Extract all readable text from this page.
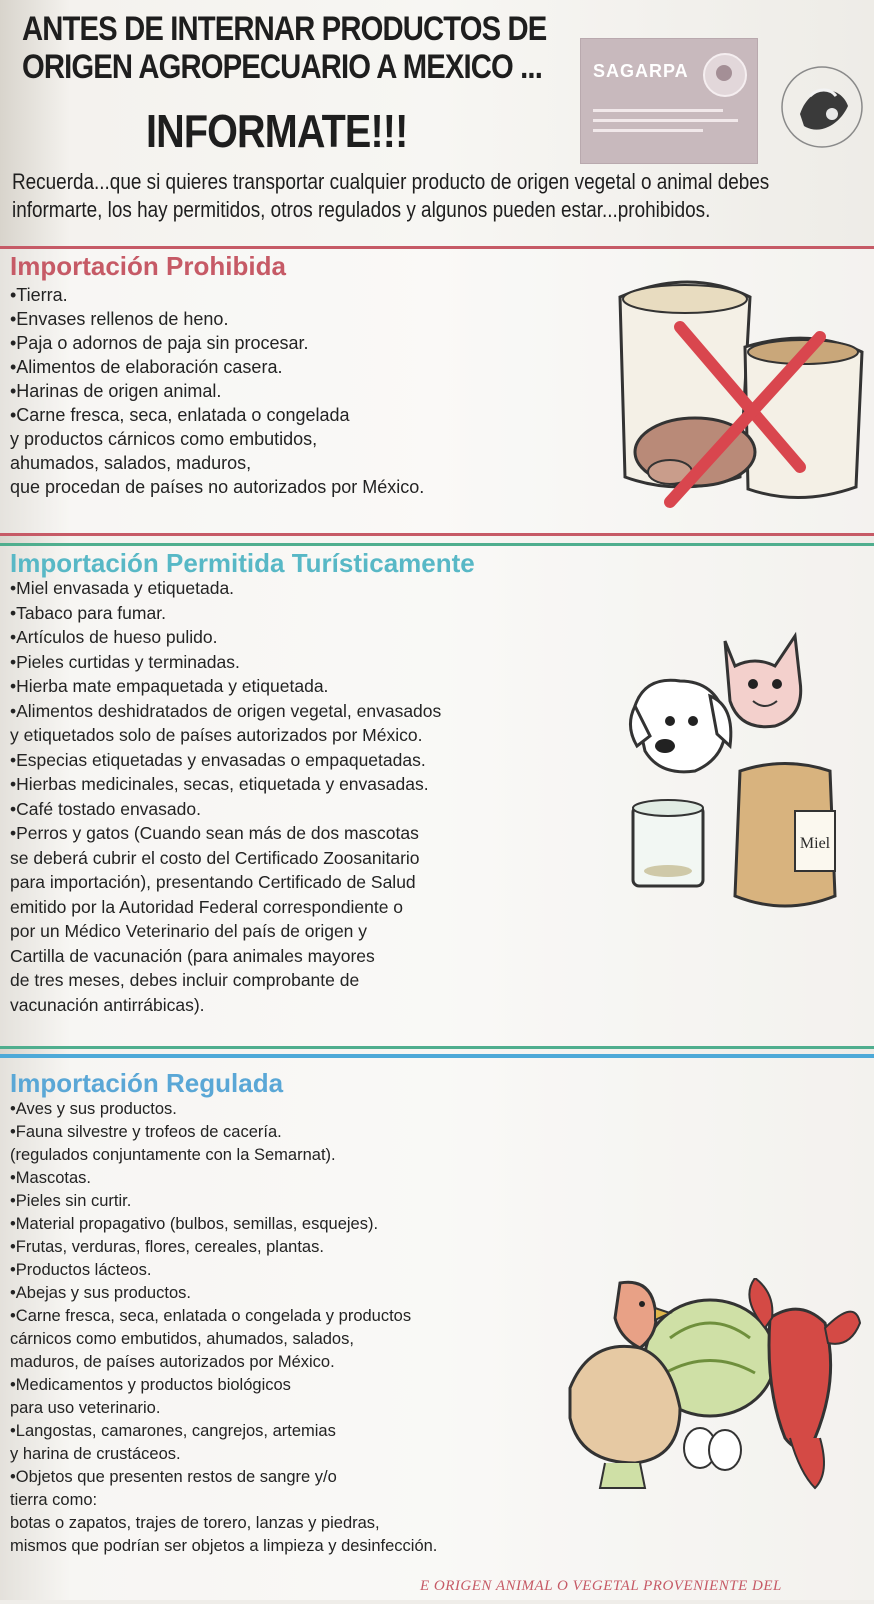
ANTES DE INTERNAR PRODUCTOS DE
ORIGEN AGROPECUARIO A MEXICO ...
INFORMATE!!!
SAGARPA
Recuerda...que si quieres transportar cualquier producto de origen vegetal o animal debes
informarte, los hay permitidos, otros regulados y algunos pueden estar...prohibidos.
Importación Prohibida
•Tierra.
•Envases rellenos de heno.
•Paja o adornos de paja sin procesar.
•Alimentos de elaboración casera.
•Harinas de origen animal.
•Carne fresca, seca, enlatada o congelada
y productos cárnicos como embutidos,
ahumados, salados, maduros,
que procedan de países no autorizados por México.
Importación Permitida Turísticamente
•Miel envasada y etiquetada.
•Tabaco para fumar.
•Artículos de hueso pulido.
•Pieles curtidas y terminadas.
•Hierba mate empaquetada y etiquetada.
•Alimentos deshidratados de origen vegetal, envasados
y etiquetados solo de países autorizados por México.
•Especias etiquetadas y envasadas o empaquetadas.
•Hierbas medicinales, secas, etiquetada y envasadas.
•Café tostado envasado.
•Perros y gatos (Cuando sean más de dos mascotas
se deberá cubrir el costo del Certificado Zoosanitario
para importación), presentando Certificado de Salud
emitido por la Autoridad Federal correspondiente o
por un Médico Veterinario del país de origen y
Cartilla de vacunación (para animales mayores
de tres meses, debes incluir comprobante de
vacunación antirrábicas).
Miel
Importación Regulada
•Aves y sus productos.
•Fauna silvestre y trofeos de cacería.
(regulados conjuntamente con la Semarnat).
•Mascotas.
•Pieles sin curtir.
•Material propagativo (bulbos, semillas, esquejes).
•Frutas, verduras, flores, cereales, plantas.
•Productos lácteos.
•Abejas y sus productos.
•Carne fresca, seca, enlatada o congelada y productos
cárnicos como embutidos, ahumados, salados,
maduros, de países autorizados por México.
•Medicamentos y productos biológicos
para uso veterinario.
•Langostas, camarones, cangrejos, artemias
y harina de crustáceos.
•Objetos que presenten restos de sangre y/o
tierra como:
botas o zapatos, trajes de torero, lanzas y piedras,
mismos que podrían ser objetos a limpieza y desinfección.
E ORIGEN ANIMAL O VEGETAL PROVENIENTE DEL
